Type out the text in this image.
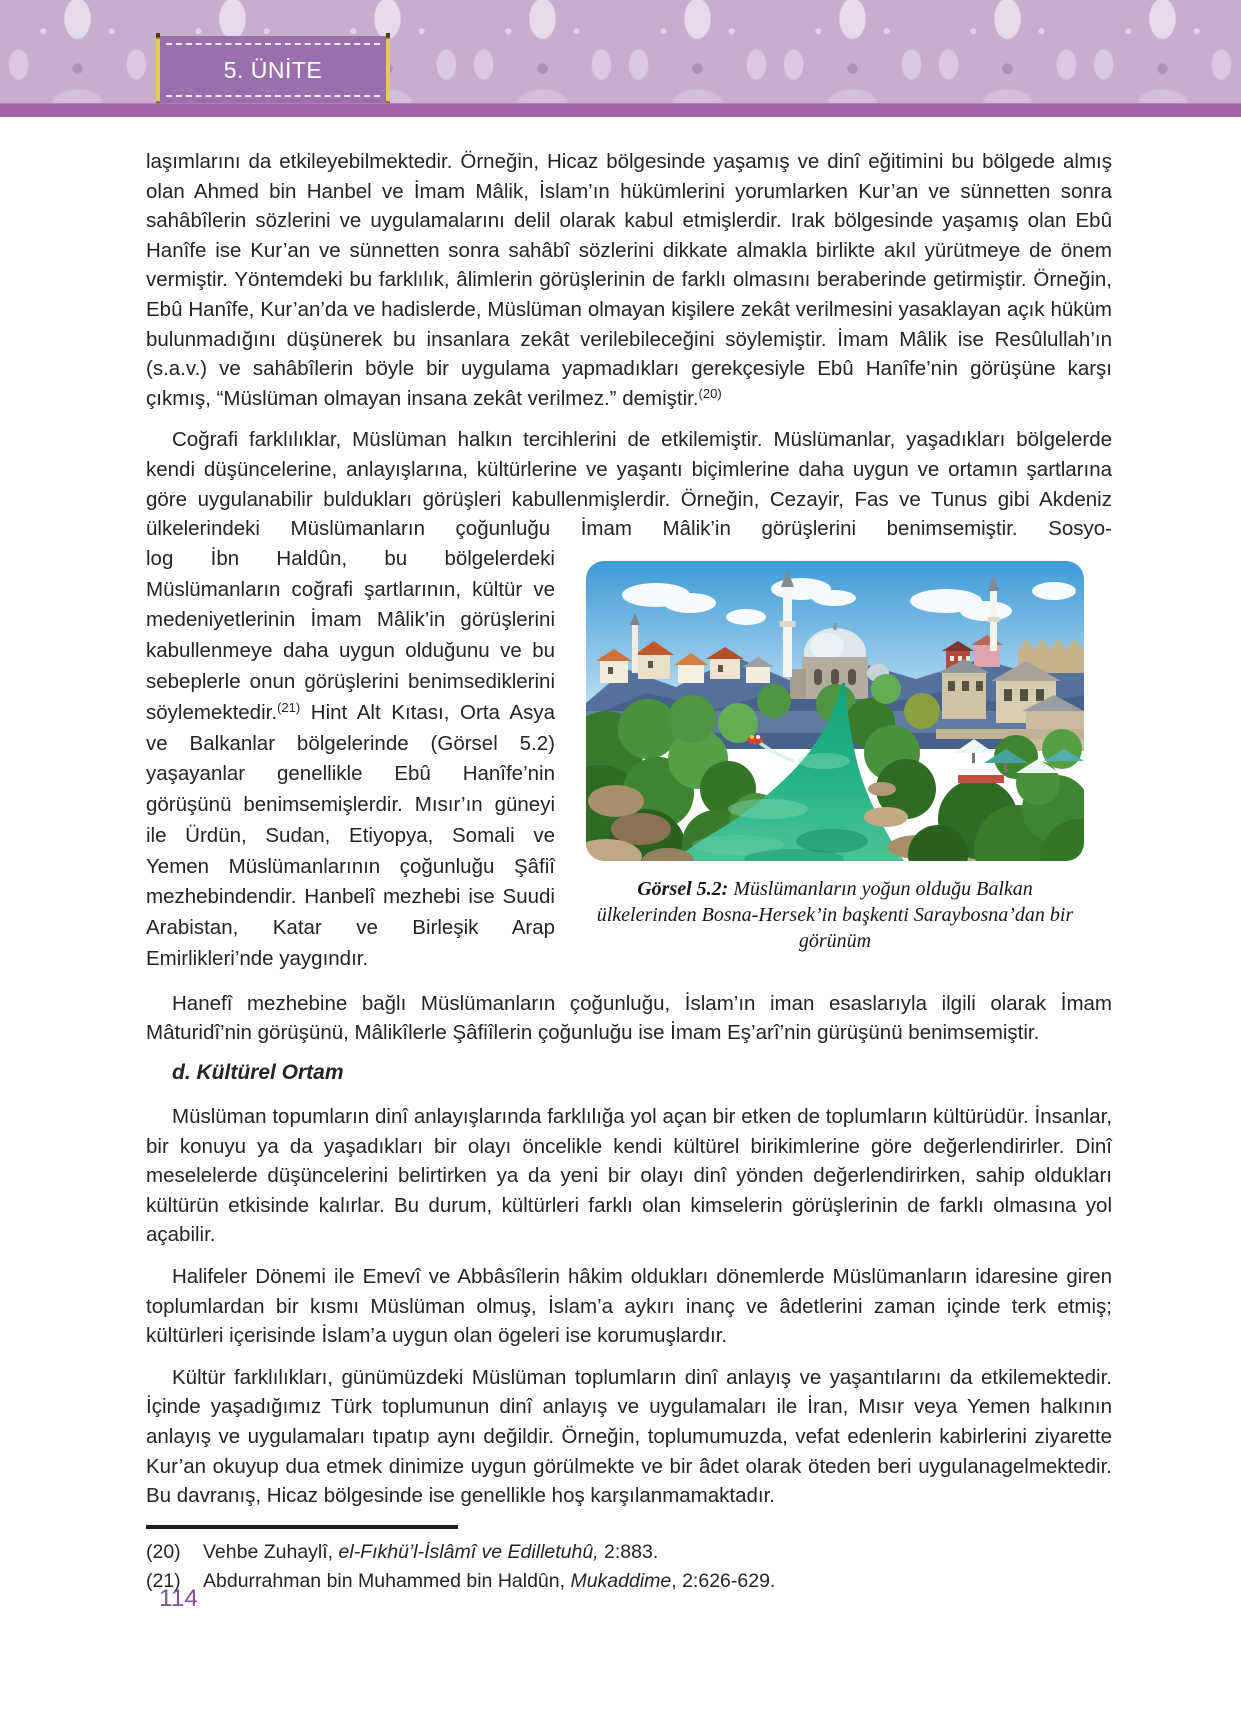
5. ÜNİTE

laşımlarını da etkileyebilmektedir. Örneğin, Hicaz bölgesinde yaşamış ve dinî eğitimini bu bölgede almış olan Ahmed bin Hanbel ve İmam Mâlik, İslam’ın hükümlerini yorumlarken Kur’an ve sünnetten sonra sahâbîlerin sözlerini ve uygulamalarını delil olarak kabul etmişlerdir. Irak bölgesinde yaşamış olan Ebû Hanîfe ise Kur’an ve sünnetten sonra sahâbî sözlerini dikkate almakla birlikte akıl yürütmeye de önem vermiştir. Yöntemdeki bu farklılık, âlimlerin görüşlerinin de farklı olmasını beraberinde getirmiştir. Örneğin, Ebû Hanîfe, Kur’an’da ve hadislerde, Müslüman olmayan kişilere zekât verilmesini yasaklayan açık hüküm bulunmadığını düşünerek bu insanlara zekât verilebileceğini söylemiştir. İmam Mâlik ise Resûlullah’ın (s.a.v.) ve sahâbîlerin böyle bir uygulama yapmadıkları gerekçesiyle Ebû Hanîfe’nin görüşüne karşı çıkmış, “Müslüman olmayan insana zekât verilmez.” demiştir.$^{(20)}$

Coğrafi farklılıklar, Müslüman halkın tercihlerini de etkilemiştir. Müslümanlar, yaşadıkları bölgelerde kendi düşüncelerine, anlayışlarına, kültürlerine ve yaşantı biçimlerine daha uygun ve ortamın şartlarına göre uygulanabilir buldukları görüşleri kabullenmişlerdir. Örneğin, Cezayir, Fas ve Tunus gibi Akdeniz ülkelerindeki Müslümanların çoğunluğu İmam Mâlik’in görüşlerini benimsemiştir. Sosyo-

log İbn Haldûn, bu bölgelerdeki Müslümanların coğrafi şartlarının, kültür ve medeniyetlerinin İmam Mâlik’in görüşlerini kabullenmeye daha uygun olduğunu ve bu sebeplerle onun görüşlerini benimsediklerini söylemektedir.$^{(21)}$ Hint Alt Kıtası, Orta Asya ve Balkanlar bölgelerinde (Görsel 5.2) yaşayanlar genellikle Ebû Hanîfe’nin görüşünü benimsemişlerdir. Mısır’ın güneyi ile Ürdün, Sudan, Etiyopya, Somali ve Yemen Müslümanlarının çoğunluğu Şâfiî mezhebindendir. Hanbelî mezhebi ise Suudi Arabistan, Katar ve Birleşik Arap Emirlikleri’nde yaygındır.

Görsel 5.2: Müslümanların yoğun olduğu Balkan ülkelerinden Bosna-Hersek’in başkenti Saraybosna’dan bir görünüm

Hanefî mezhebine bağlı Müslümanların çoğunluğu, İslam’ın iman esaslarıyla ilgili olarak İmam Mâturidî’nin görüşünü, Mâlikîlerle Şâfiîlerin çoğunluğu ise İmam Eş’arî’nin gürüşünü benimsemiştir.

d. Kültürel Ortam

Müslüman topumların dinî anlayışlarında farklılığa yol açan bir etken de toplumların kültürüdür. İnsanlar, bir konuyu ya da yaşadıkları bir olayı öncelikle kendi kültürel birikimlerine göre değerlendirirler. Dinî meselelerde düşüncelerini belirtirken ya da yeni bir olayı dinî yönden değerlendirirken, sahip oldukları kültürün etkisinde kalırlar. Bu durum, kültürleri farklı olan kimselerin görüşlerinin de farklı olmasına yol açabilir.

Halifeler Dönemi ile Emevî ve Abbâsîlerin hâkim oldukları dönemlerde Müslümanların idaresine giren toplumlardan bir kısmı Müslüman olmuş, İslam’a aykırı inanç ve âdetlerini zaman içinde terk etmiş; kültürleri içerisinde İslam’a uygun olan ögeleri ise korumuşlardır.

Kültür farklılıkları, günümüzdeki Müslüman toplumların dinî anlayış ve yaşantılarını da etkilemektedir. İçinde yaşadığımız Türk toplumunun dinî anlayış ve uygulamaları ile İran, Mısır veya Yemen halkının anlayış ve uygulamaları tıpatıp aynı değildir. Örneğin, toplumumuzda, vefat edenlerin kabirlerini ziyarette Kur’an okuyup dua etmek dinimize uygun görülmekte ve bir âdet olarak öteden beri uygulanagelmektedir. Bu davranış, Hicaz bölgesinde ise genellikle hoş karşılanmamaktadır.

(20)	Vehbe Zuhaylî, el-Fıkhü’l-İslâmî ve Edilletuhû, 2:883.
(21)	Abdurrahman bin Muhammed bin Haldûn, Mukaddime, 2:626-629.
114
